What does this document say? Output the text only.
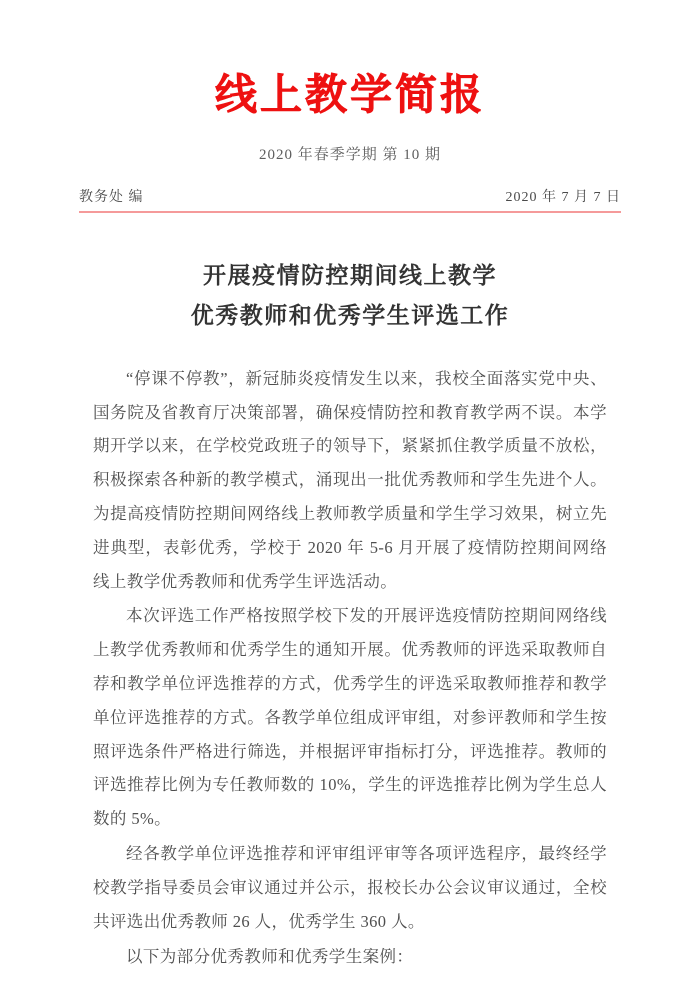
线上教学简报
2020 年春季学期 第 10 期
教务处 编	2020 年 7 月 7 日
开展疫情防控期间线上教学
优秀教师和优秀学生评选工作

“停课不停教”，新冠肺炎疫情发生以来，我校全面落实党中央、国务院及省教育厅决策部署，确保疫情防控和教育教学两不误。本学期开学以来，在学校党政班子的领导下，紧紧抓住教学质量不放松，积极探索各种新的教学模式，涌现出一批优秀教师和学生先进个人。为提高疫情防控期间网络线上教师教学质量和学生学习效果，树立先进典型，表彰优秀，学校于 2020 年 5-6 月开展了疫情防控期间网络线上教学优秀教师和优秀学生评选活动。

本次评选工作严格按照学校下发的开展评选疫情防控期间网络线上教学优秀教师和优秀学生的通知开展。优秀教师的评选采取教师自荐和教学单位评选推荐的方式，优秀学生的评选采取教师推荐和教学单位评选推荐的方式。各教学单位组成评审组，对参评教师和学生按照评选条件严格进行筛选，并根据评审指标打分，评选推荐。教师的评选推荐比例为专任教师数的 10%，学生的评选推荐比例为学生总人数的 5%。

经各教学单位评选推荐和评审组评审等各项评选程序，最终经学校教学指导委员会审议通过并公示，报校长办公会议审议通过，全校共评选出优秀教师 26 人，优秀学生 360 人。

以下为部分优秀教师和优秀学生案例：
